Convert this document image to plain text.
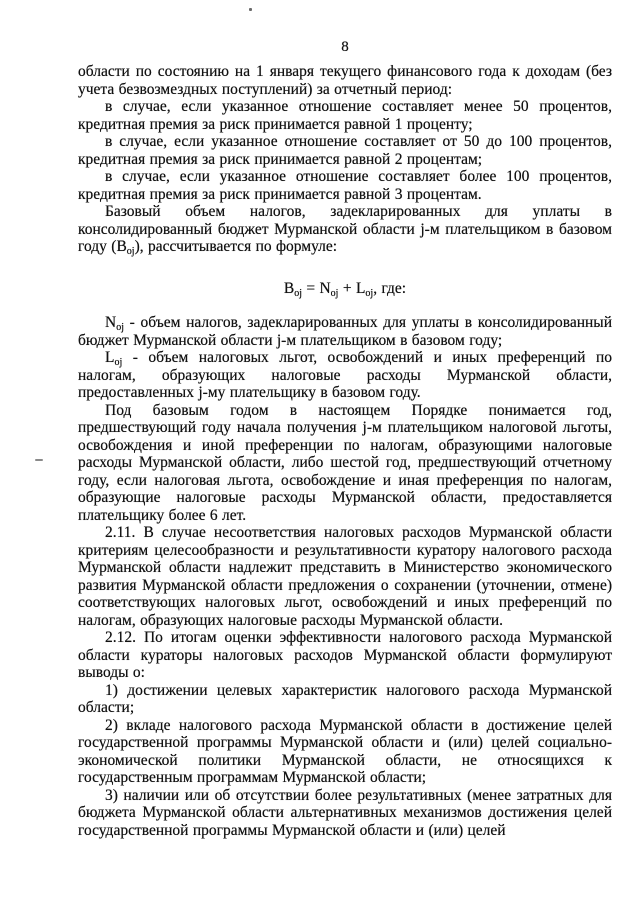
8

области по состоянию на 1 января текущего финансового года к доходам (без учета безвозмездных поступлений) за отчетный период:

в случае, если указанное отношение составляет менее 50 процентов, кредитная премия за риск принимается равной 1 проценту;

в случае, если указанное отношение составляет от 50 до 100 процентов, кредитная премия за риск принимается равной 2 процентам;

в случае, если указанное отношение составляет более 100 процентов, кредитная премия за риск принимается равной 3 процентам.

Базовый объем налогов, задекларированных для уплаты в консолидированный бюджет Мурманской области j-м плательщиком в базовом году $(В_{oj})$, рассчитывается по формуле:

$В_{oj} = N_{oj} + L_{oj}$, где:

$N_{oj}$ - объем налогов, задекларированных для уплаты в консолидированный бюджет Мурманской области j-м плательщиком в базовом году;

$L_{oj}$ - объем налоговых льгот, освобождений и иных преференций по налогам, образующих налоговые расходы Мурманской области, предоставленных j-му плательщику в базовом году.

Под базовым годом в настоящем Порядке понимается год, предшествующий году начала получения j-м плательщиком налоговой льготы, освобождения и иной преференции по налогам, образующими налоговые расходы Мурманской области, либо шестой год, предшествующий отчетному году, если налоговая льгота, освобождение и иная преференция по налогам, образующие налоговые расходы Мурманской области, предоставляется плательщику более 6 лет.

2.11. В случае несоответствия налоговых расходов Мурманской области критериям целесообразности и результативности куратору налогового расхода Мурманской области надлежит представить в Министерство экономического развития Мурманской области предложения о сохранении (уточнении, отмене) соответствующих налоговых льгот, освобождений и иных преференций по налогам, образующих налоговые расходы Мурманской области.

2.12. По итогам оценки эффективности налогового расхода Мурманской области кураторы налоговых расходов Мурманской области формулируют выводы о:

1) достижении целевых характеристик налогового расхода Мурманской области;

2) вкладе налогового расхода Мурманской области в достижение целей государственной программы Мурманской области и (или) целей социально-экономической политики Мурманской области, не относящихся к государственным программам Мурманской области;

3) наличии или об отсутствии более результативных (менее затратных для бюджета Мурманской области альтернативных механизмов достижения целей государственной программы Мурманской области и (или) целей
